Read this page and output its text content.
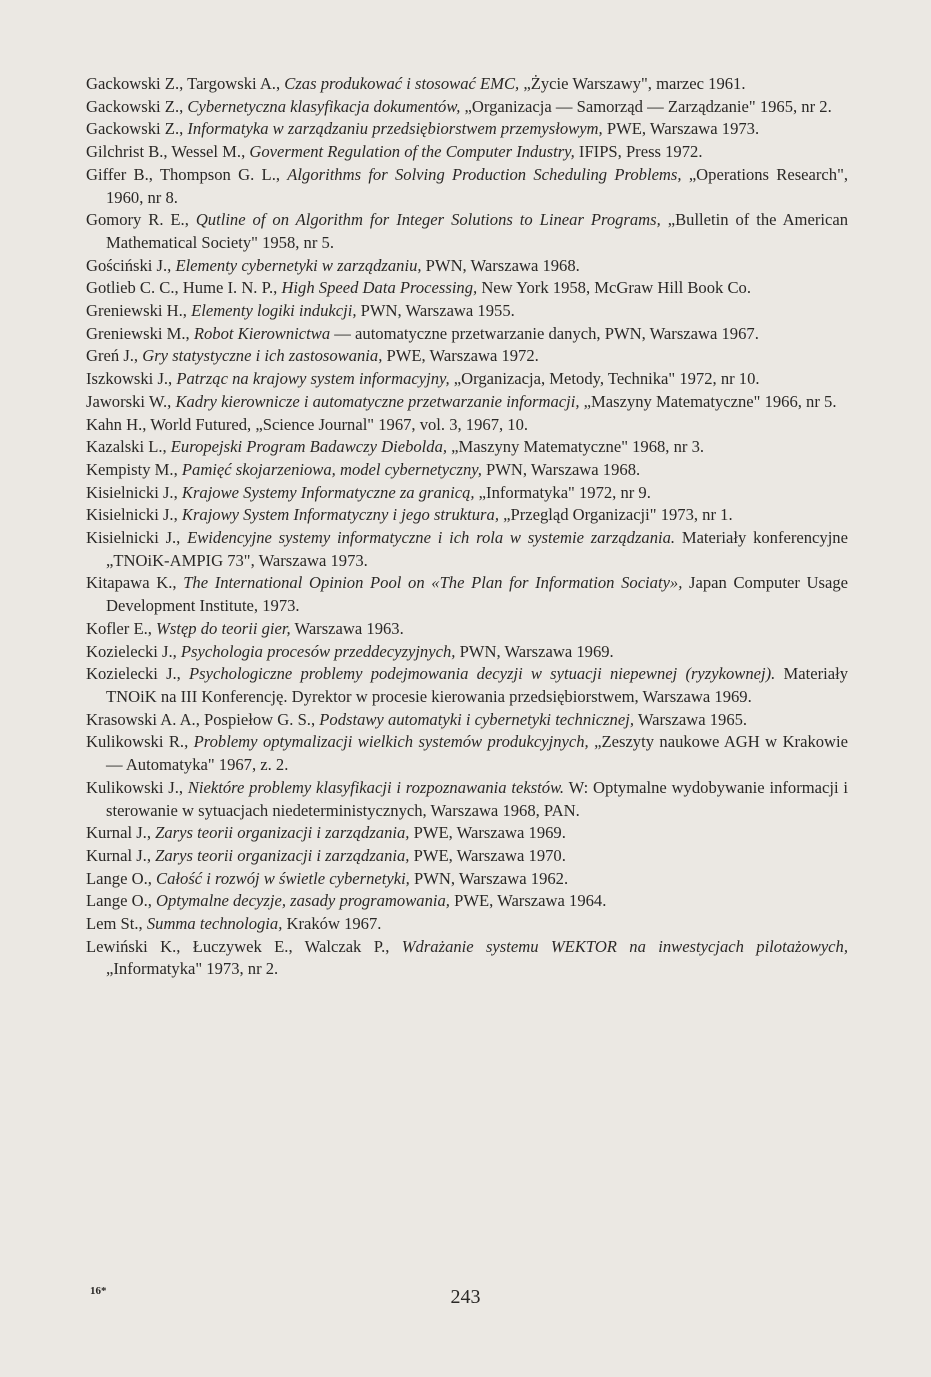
Gackowski Z., Targowski A., Czas produkować i stosować EMC, „Życie Warszawy", marzec 1961.

Gackowski Z., Cybernetyczna klasyfikacja dokumentów, „Organizacja — Samorząd — Zarządzanie" 1965, nr 2.

Gackowski Z., Informatyka w zarządzaniu przedsiębiorstwem przemysłowym, PWE, Warszawa 1973.

Gilchrist B., Wessel M., Goverment Regulation of the Computer Industry, IFIPS, Press 1972.

Giffer B., Thompson G. L., Algorithms for Solving Production Scheduling Problems, „Operations Research", 1960, nr 8.

Gomory R. E., Qutline of on Algorithm for Integer Solutions to Linear Programs, „Bulletin of the American Mathematical Society" 1958, nr 5.

Gościński J., Elementy cybernetyki w zarządzaniu, PWN, Warszawa 1968.

Gotlieb C. C., Hume I. N. P., High Speed Data Processing, New York 1958, McGraw Hill Book Co.

Greniewski H., Elementy logiki indukcji, PWN, Warszawa 1955.

Greniewski M., Robot Kierownictwa — automatyczne przetwarzanie danych, PWN, Warszawa 1967.

Greń J., Gry statystyczne i ich zastosowania, PWE, Warszawa 1972.

Iszkowski J., Patrząc na krajowy system informacyjny, „Organizacja, Metody, Technika" 1972, nr 10.

Jaworski W., Kadry kierownicze i automatyczne przetwarzanie informacji, „Maszyny Matematyczne" 1966, nr 5.

Kahn H., World Futured, „Science Journal" 1967, vol. 3, 1967, 10.

Kazalski L., Europejski Program Badawczy Diebolda, „Maszyny Matematyczne" 1968, nr 3.

Kempisty M., Pamięć skojarzeniowa, model cybernetyczny, PWN, Warszawa 1968.

Kisielnicki J., Krajowe Systemy Informatyczne za granicą, „Informatyka" 1972, nr 9.

Kisielnicki J., Krajowy System Informatyczny i jego struktura, „Przegląd Organizacji" 1973, nr 1.

Kisielnicki J., Ewidencyjne systemy informatyczne i ich rola w systemie zarządzania. Materiały konferencyjne „TNOiK-AMPIG 73", Warszawa 1973.

Kitapawa K., The International Opinion Pool on «The Plan for Information Sociaty», Japan Computer Usage Development Institute, 1973.

Kofler E., Wstęp do teorii gier, Warszawa 1963.

Kozielecki J., Psychologia procesów przeddecyzyjnych, PWN, Warszawa 1969.

Kozielecki J., Psychologiczne problemy podejmowania decyzji w sytuacji niepewnej (ryzykownej). Materiały TNOiK na III Konferencję. Dyrektor w procesie kierowania przedsiębiorstwem, Warszawa 1969.

Krasowski A. A., Pospiełow G. S., Podstawy automatyki i cybernetyki technicznej, Warszawa 1965.

Kulikowski R., Problemy optymalizacji wielkich systemów produkcyjnych, „Zeszyty naukowe AGH w Krakowie — Automatyka" 1967, z. 2.

Kulikowski J., Niektóre problemy klasyfikacji i rozpoznawania tekstów. W: Optymalne wydobywanie informacji i sterowanie w sytuacjach niedeterministycznych, Warszawa 1968, PAN.

Kurnal J., Zarys teorii organizacji i zarządzania, PWE, Warszawa 1969.

Kurnal J., Zarys teorii organizacji i zarządzania, PWE, Warszawa 1970.

Lange O., Całość i rozwój w świetle cybernetyki, PWN, Warszawa 1962.

Lange O., Optymalne decyzje, zasady programowania, PWE, Warszawa 1964.

Lem St., Summa technologia, Kraków 1967.

Lewiński K., Łuczywek E., Walczak P., Wdrażanie systemu WEKTOR na inwestycjach pilotażowych, „Informatyka" 1973, nr 2.

16*	243
